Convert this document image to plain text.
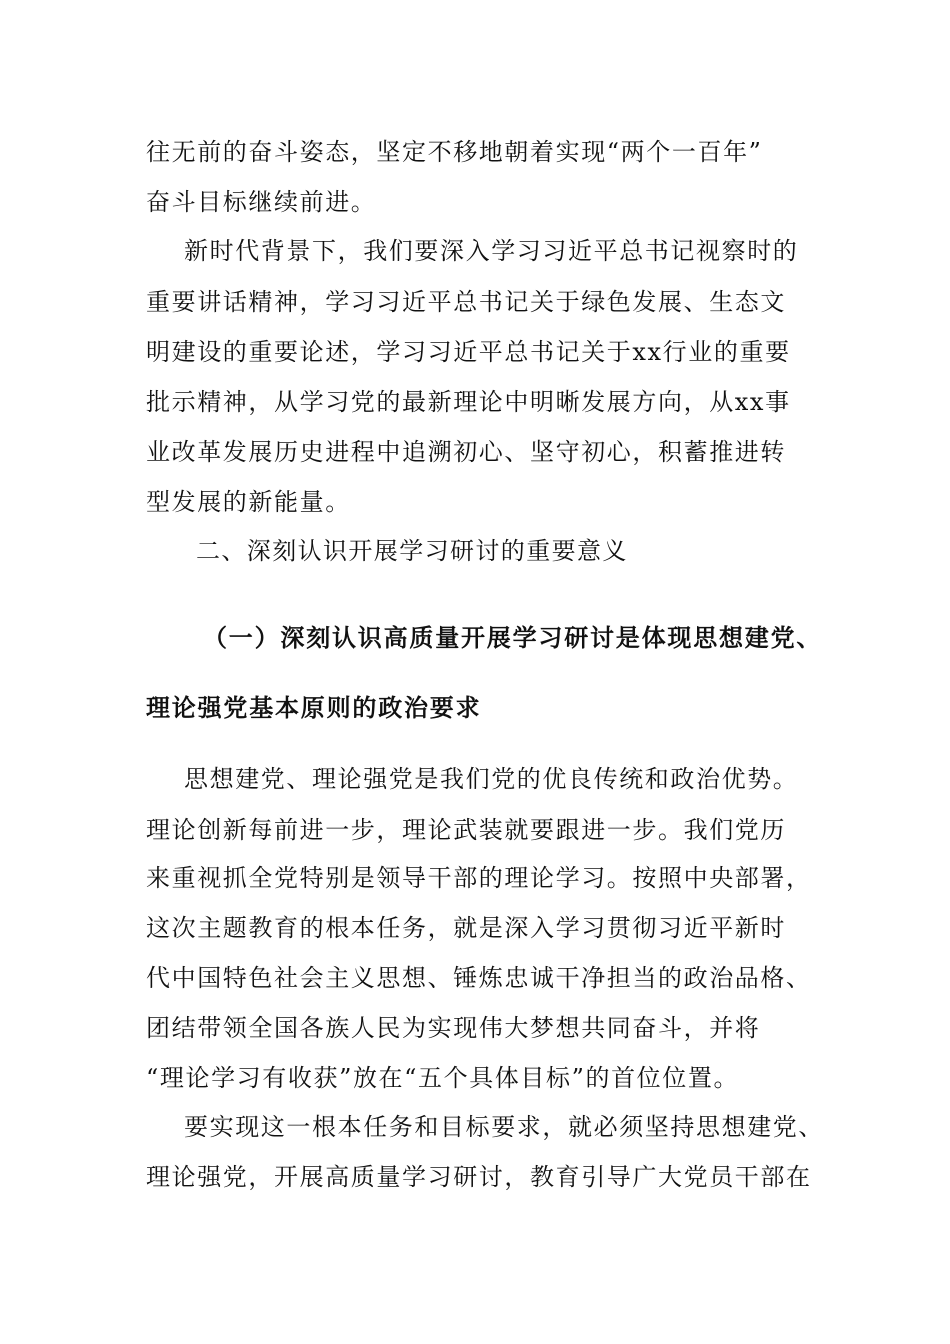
往无前的奋斗姿态，坚定不移地朝着实现“两个一百年”
奋斗目标继续前进。
新时代背景下，我们要深入学习习近平总书记视察时的
重要讲话精神，学习习近平总书记关于绿色发展、生态文
明建设的重要论述，学习习近平总书记关于xx行业的重要
批示精神，从学习党的最新理论中明晰发展方向，从xx事
业改革发展历史进程中追溯初心、坚守初心，积蓄推进转
型发展的新能量。
二、深刻认识开展学习研讨的重要意义
（一）深刻认识高质量开展学习研讨是体现思想建党、
理论强党基本原则的政治要求
思想建党、理论强党是我们党的优良传统和政治优势。
理论创新每前进一步，理论武装就要跟进一步。我们党历
来重视抓全党特别是领导干部的理论学习。按照中央部署，
这次主题教育的根本任务，就是深入学习贯彻习近平新时
代中国特色社会主义思想、锤炼忠诚干净担当的政治品格、
团结带领全国各族人民为实现伟大梦想共同奋斗，并将
“理论学习有收获”放在“五个具体目标”的首位位置。
要实现这一根本任务和目标要求，就必须坚持思想建党、
理论强党，开展高质量学习研讨，教育引导广大党员干部在
